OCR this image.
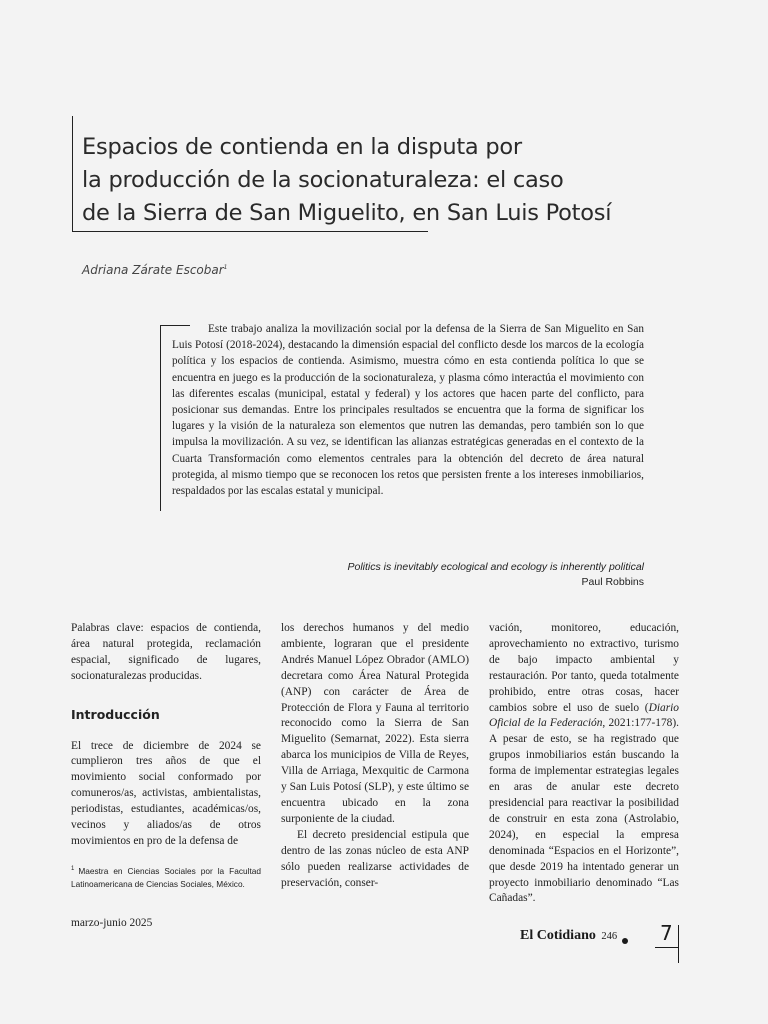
Espacios de contienda en la disputa por
la producción de la socionaturaleza: el caso
de la Sierra de San Miguelito, en San Luis Potosí
Adriana Zárate Escobar$^1$

Este trabajo analiza la movilización social por la defensa de la Sierra de San Miguelito en San Luis Potosí (2018-2024), destacando la dimensión espacial del conflicto desde los marcos de la ecología política y los espacios de contienda. Asimismo, muestra cómo en esta contienda política lo que se encuentra en juego es la producción de la socionaturaleza, y plasma cómo interactúa el movimiento con las diferentes escalas (municipal, estatal y federal) y los actores que hacen parte del conflicto, para posicionar sus demandas. Entre los principales resultados se encuentra que la forma de significar los lugares y la visión de la naturaleza son elementos que nutren las demandas, pero también son lo que impulsa la movilización. A su vez, se identifican las alianzas estratégicas generadas en el contexto de la Cuarta Transformación como elementos centrales para la obtención del decreto de área natural protegida, al mismo tiempo que se reconocen los retos que persisten frente a los intereses inmobiliarios, respaldados por las escalas estatal y municipal.

Politics is inevitably ecological and ecology is inherently political
Paul Robbins

Palabras clave: espacios de contienda, área natural protegida, reclamación espacial, significado de lugares, socionaturalezas producidas.

Introducción

El trece de diciembre de 2024 se cumplieron tres años de que el movimiento social conformado por comuneros/as, activistas, ambientalistas, periodistas, estudiantes, académicas/os, vecinos y aliados/as de otros movimientos en pro de la defensa de

$^1$ Maestra en Ciencias Sociales por la Facultad Latinoamericana de Ciencias Sociales, México.

los derechos humanos y del medio ambiente, lograran que el presidente Andrés Manuel López Obrador (AMLO) decretara como Área Natural Protegida (ANP) con carácter de Área de Protección de Flora y Fauna al territorio reconocido como la Sierra de San Miguelito (Semarnat, 2022). Esta sierra abarca los municipios de Villa de Reyes, Villa de Arriaga, Mexquitic de Carmona y San Luis Potosí (SLP), y este último se encuentra ubicado en la zona surponiente de la ciudad.

El decreto presidencial estipula que dentro de las zonas núcleo de esta ANP sólo pueden realizarse actividades de preservación, conser-

vación, monitoreo, educación, aprovechamiento no extractivo, turismo de bajo impacto ambiental y restauración. Por tanto, queda totalmente prohibido, entre otras cosas, hacer cambios sobre el uso de suelo (Diario Oficial de la Federación, 2021:177-178). A pesar de esto, se ha registrado que grupos inmobiliarios están buscando la forma de implementar estrategias legales en aras de anular este decreto presidencial para reactivar la posibilidad de construir en esta zona (Astrolabio, 2024), en especial la empresa denominada “Espacios en el Horizonte”, que desde 2019 ha intentado generar un proyecto inmobiliario denominado “Las Cañadas”.

marzo-junio 2025
El Cotidiano 246 7
